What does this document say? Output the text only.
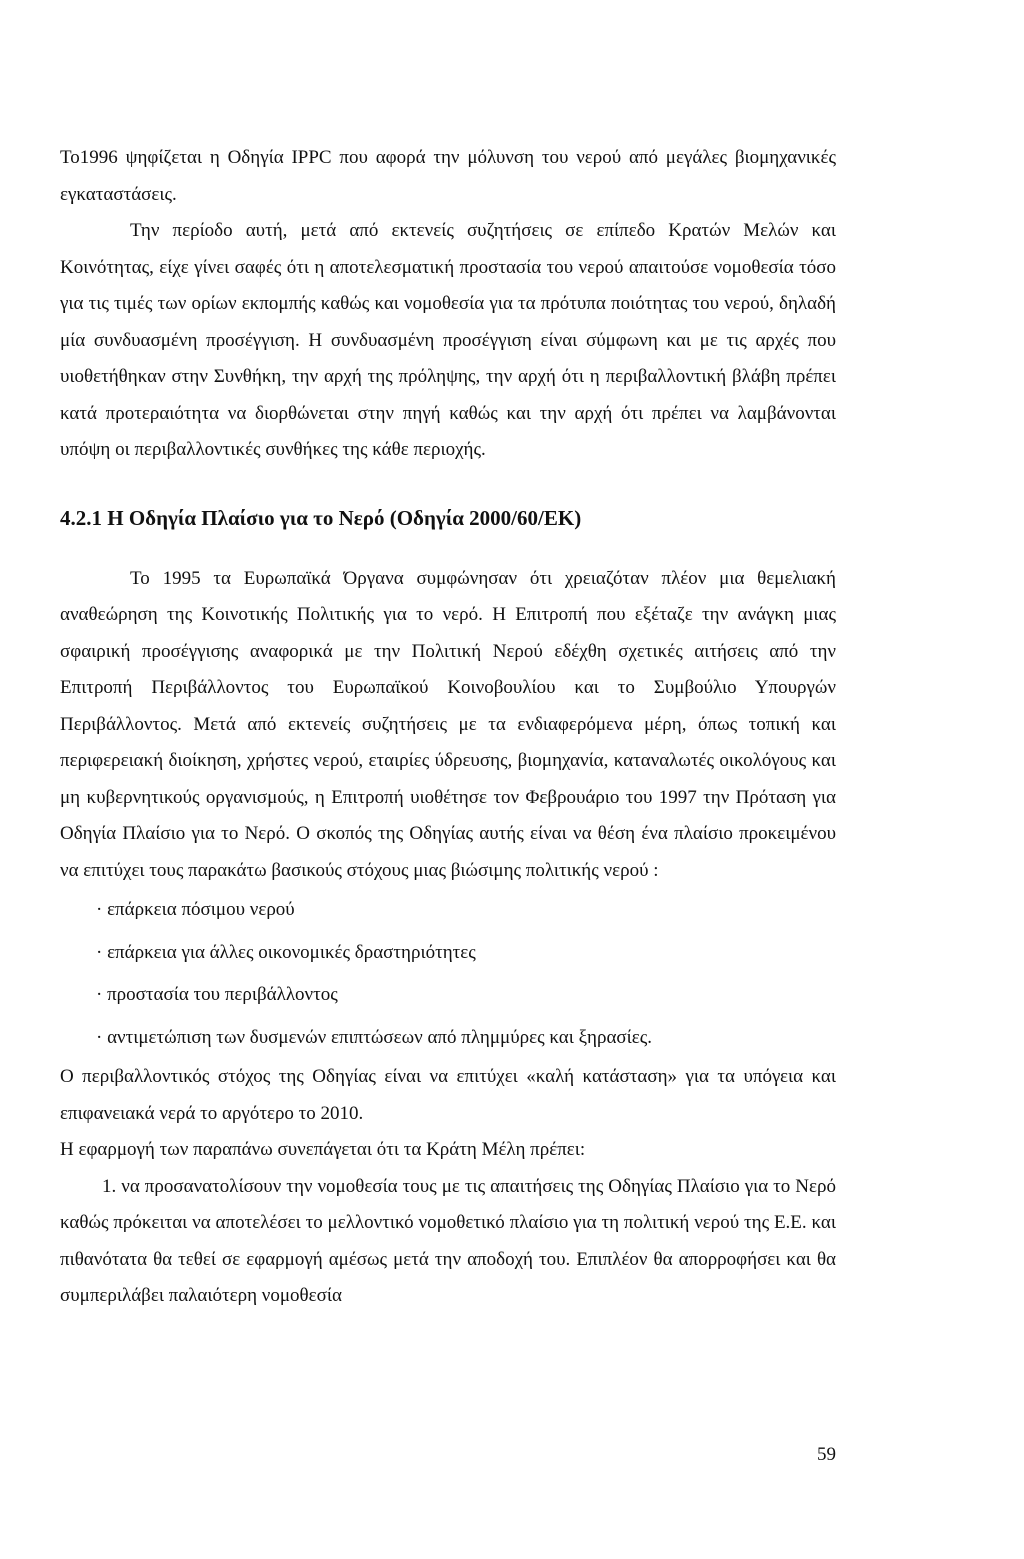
To1996 ψηφίζεται η Οδηγία IPPC που αφορά την μόλυνση του νερού από μεγάλες βιομηχανικές εγκαταστάσεις.

Την περίοδο αυτή, μετά από εκτενείς συζητήσεις σε επίπεδο Κρατών Μελών και Κοινότητας, είχε γίνει σαφές ότι η αποτελεσματική προστασία του νερού απαιτούσε νομοθεσία τόσο για τις τιμές των ορίων εκπομπής καθώς και νομοθεσία για τα πρότυπα ποιότητας του νερού, δηλαδή μία συνδυασμένη προσέγγιση. Η συνδυασμένη προσέγγιση είναι σύμφωνη και με τις αρχές που υιοθετήθηκαν στην Συνθήκη, την αρχή της πρόληψης, την αρχή ότι η περιβαλλοντική βλάβη πρέπει κατά προτεραιότητα να διορθώνεται στην πηγή καθώς και την αρχή ότι πρέπει να λαμβάνονται υπόψη οι περιβαλλοντικές συνθήκες της κάθε περιοχής.

4.2.1 Η Οδηγία Πλαίσιο για το Νερό (Οδηγία 2000/60/ΕΚ)

Το 1995 τα Ευρωπαϊκά Όργανα συμφώνησαν ότι χρειαζόταν πλέον μια θεμελιακή αναθεώρηση της Κοινοτικής Πολιτικής για το νερό. Η Επιτροπή που εξέταζε την ανάγκη μιας σφαιρική προσέγγισης αναφορικά με την Πολιτική Νερού εδέχθη σχετικές αιτήσεις από την Επιτροπή Περιβάλλοντος του Ευρωπαϊκού Κοινοβουλίου και το Συμβούλιο Υπουργών Περιβάλλοντος. Μετά από εκτενείς συζητήσεις με τα ενδιαφερόμενα μέρη, όπως τοπική και περιφερειακή διοίκηση, χρήστες νερού, εταιρίες ύδρευσης, βιομηχανία, καταναλωτές οικολόγους και μη κυβερνητικούς οργανισμούς, η Επιτροπή υιοθέτησε τον Φεβρουάριο του 1997 την Πρόταση για Οδηγία Πλαίσιο για το Νερό. Ο σκοπός της Οδηγίας αυτής είναι να θέση ένα πλαίσιο προκειμένου να επιτύχει τους παρακάτω βασικούς στόχους μιας βιώσιμης πολιτικής νερού :

· επάρκεια πόσιμου νερού
· επάρκεια για άλλες οικονομικές δραστηριότητες
· προστασία του περιβάλλοντος
· αντιμετώπιση των δυσμενών επιπτώσεων από πλημμύρες και ξηρασίες.

Ο περιβαλλοντικός στόχος της Οδηγίας είναι να επιτύχει «καλή κατάσταση» για τα υπόγεια και επιφανειακά νερά το αργότερο το 2010.

Η εφαρμογή των παραπάνω συνεπάγεται ότι τα Κράτη Μέλη πρέπει:

1. να προσανατολίσουν την νομοθεσία τους με τις απαιτήσεις της Οδηγίας Πλαίσιο για το Νερό καθώς πρόκειται να αποτελέσει το μελλοντικό νομοθετικό πλαίσιο για τη πολιτική νερού της Ε.Ε. και πιθανότατα θα τεθεί σε εφαρμογή αμέσως μετά την αποδοχή του. Επιπλέον θα απορροφήσει και θα συμπεριλάβει παλαιότερη νομοθεσία

59
